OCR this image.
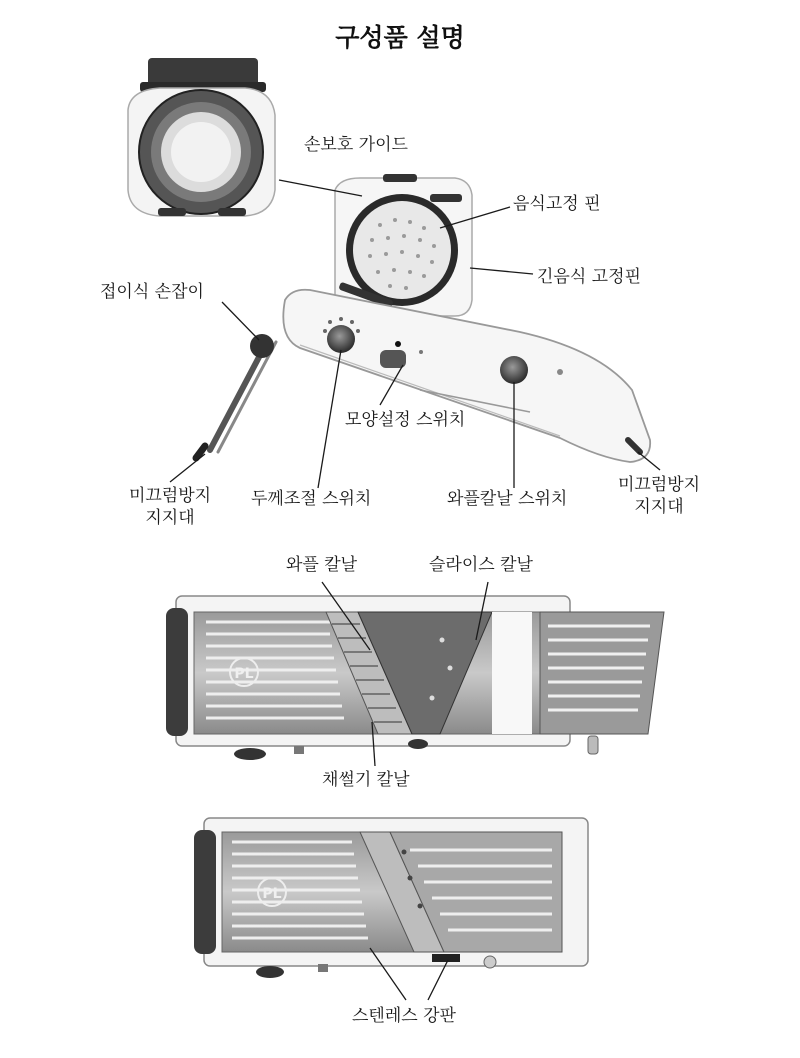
PL
PL
구성품 설명
손보호 가이드
음식고정 핀
긴음식 고정핀
접이식 손잡이
모양설정 스위치
미끄럼방지
지지대
두께조절 스위치	와플칼날 스위치
미끄럼방지
지지대
와플 칼날	슬라이스 칼날
채썰기 칼날
스텐레스 강판
